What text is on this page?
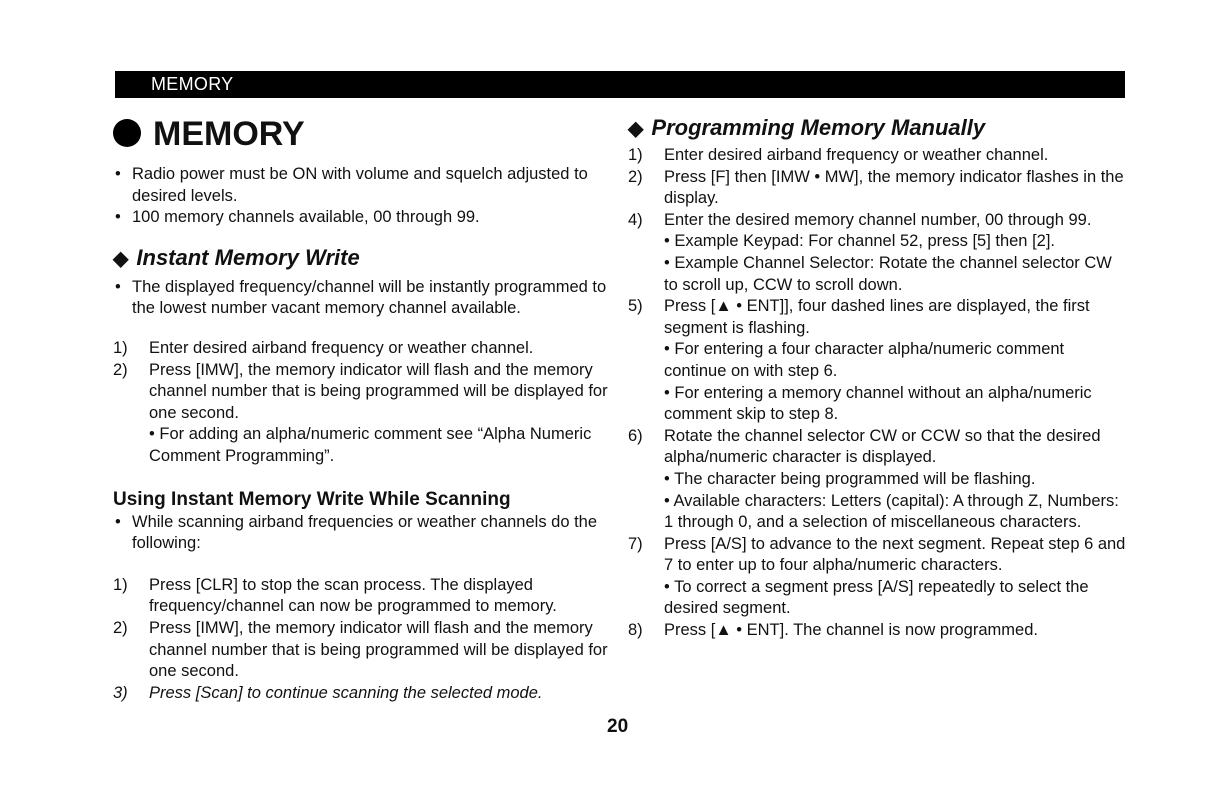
MEMORY
MEMORY
• Radio power must be ON with volume and squelch adjusted to desired levels.
• 100 memory channels available, 00 through 99.
◆ Instant Memory Write
• The displayed frequency/channel will be instantly programmed to the lowest number vacant memory channel available.
1) Enter desired airband frequency or weather channel.
2) Press [IMW], the memory indicator will flash and the memory channel number that is being programmed will be displayed for one second.
• For adding an alpha/numeric comment see “Alpha Numeric Comment Programming”.
Using Instant Memory Write While Scanning
• While scanning airband frequencies or weather channels do the following:
1) Press [CLR] to stop the scan process. The displayed frequency/channel can now be programmed to memory.
2) Press [IMW], the memory indicator will flash and the memory channel number that is being programmed will be displayed for one second.
3) Press [Scan] to continue scanning the selected mode.
◆ Programming Memory Manually
1) Enter desired airband frequency or weather channel.
2) Press [F] then [IMW • MW], the memory indicator flashes in the display.
4) Enter the desired memory channel number, 00 through 99.
• Example Keypad: For channel 52, press [5] then [2].
• Example Channel Selector: Rotate the channel selector CW to scroll up, CCW to scroll down.
5) Press [▲ • ENT]], four dashed lines are displayed, the first segment is flashing.
• For entering a four character alpha/numeric comment continue on with step 6.
• For entering a memory channel without an alpha/numeric comment skip to step 8.
6) Rotate the channel selector CW or CCW so that the desired alpha/numeric character is displayed.
• The character being programmed will be flashing.
• Available characters: Letters (capital): A through Z, Numbers: 1 through 0, and a selection of miscellaneous characters.
7) Press [A/S] to advance to the next segment. Repeat step 6 and 7 to enter up to four alpha/numeric characters.
• To correct a segment press [A/S] repeatedly to select the desired segment.
8) Press [▲ • ENT]. The channel is now programmed.
20
